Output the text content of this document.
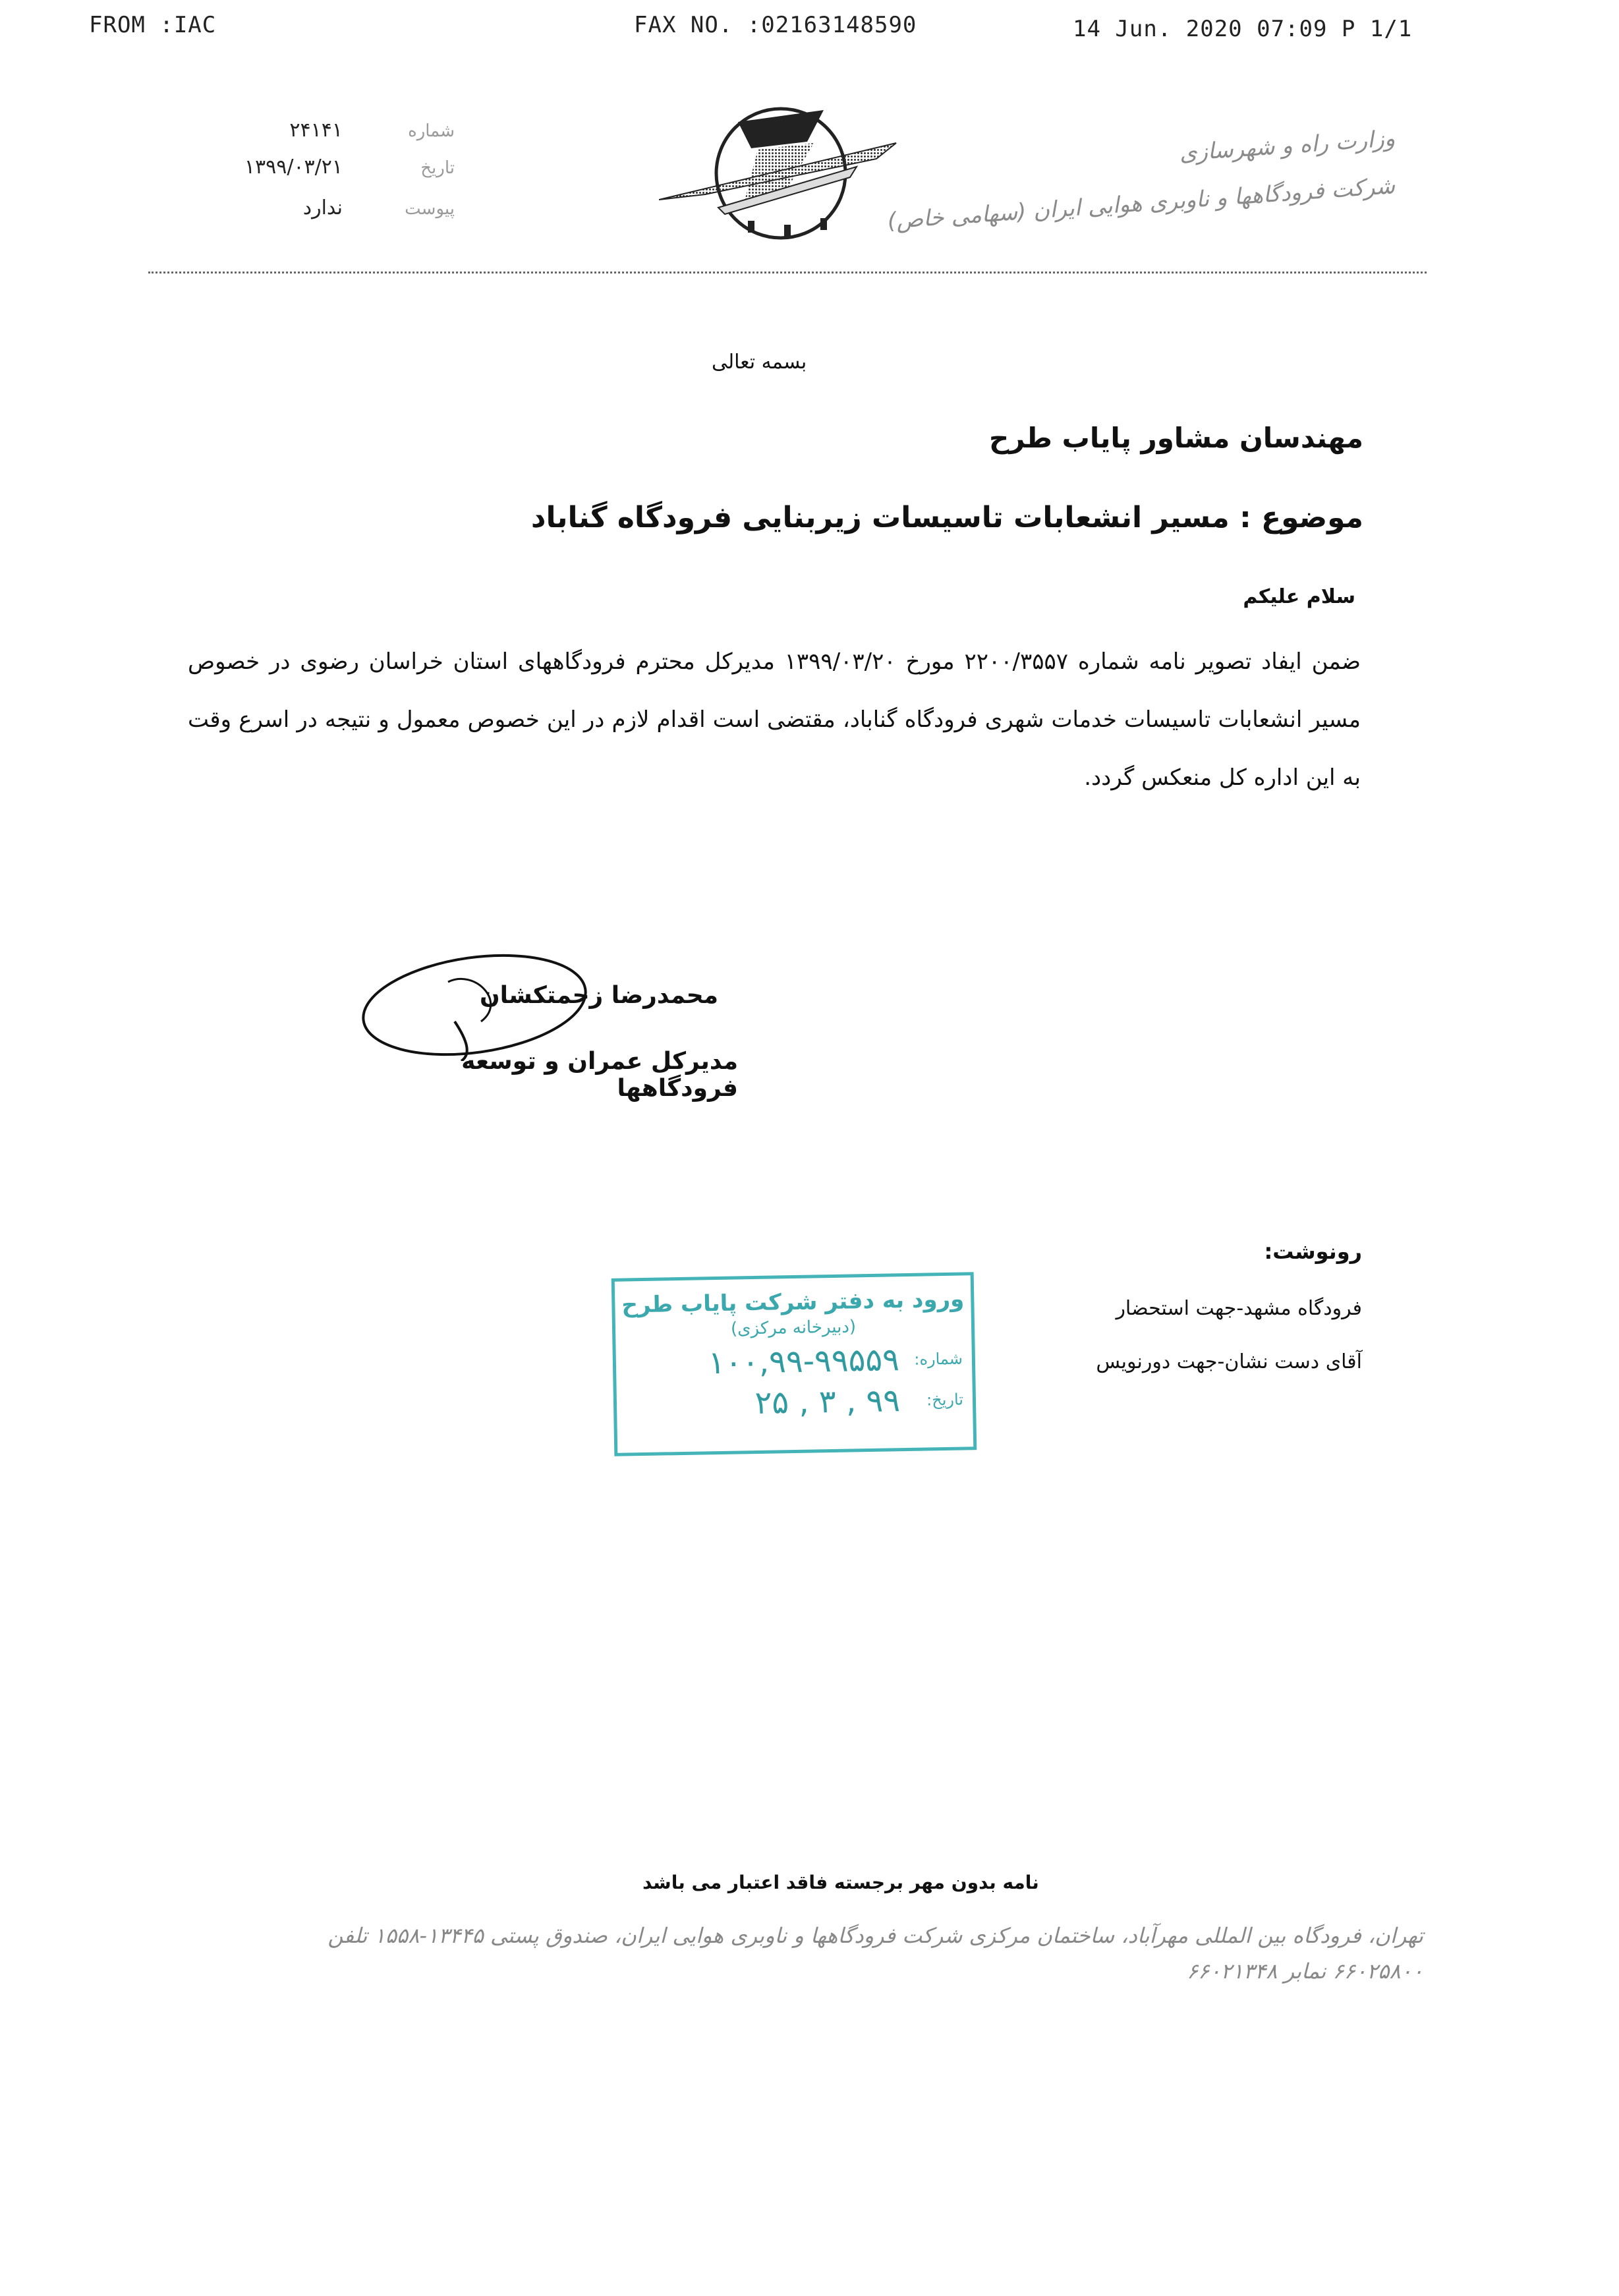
FROM :IAC	FAX NO. :02163148590	14 Jun. 2020 07:09 P 1/1
۲۴۱۴۱	شماره
۱۳۹۹/۰۳/۲۱	تاریخ
ندارد	پیوست
وزارت راه و شهرسازی
شرکت فرودگاهها و ناوبری هوایی ایران (سهامی خاص)
بسمه تعالی
مهندسان مشاور پایاب طرح
موضوع : مسیر انشعابات تاسیسات زیربنایی فرودگاه گناباد
سلام علیکم
ضمن ایفاد تصویر نامه شماره ۲۲۰۰/۳۵۵۷ مورخ ۱۳۹۹/۰۳/۲۰ مدیرکل محترم فرودگاههای استان خراسان رضوی در خصوص مسیر انشعابات تاسیسات خدمات شهری فرودگاه گناباد، مقتضی است اقدام لازم در این خصوص معمول و نتیجه در اسرع وقت به این اداره کل منعکس گردد.
محمدرضا زحمتکشان
مدیرکل عمران و توسعه فرودگاهها
رونوشت:
فرودگاه مشهد-جهت استحضار
آقای دست نشان-جهت دورنویس
ورود به دفتر شرکت پایاب طرح
(دبیرخانه مرکزی)
شماره:
۱۰۰,۹۹-۹۹۵۵۹
تاریخ:
۹۹ , ۳ , ۲۵
نامه بدون مهر برجسته فاقد اعتبار می باشد
تهران، فرودگاه بین المللی مهرآباد، ساختمان مرکزی شرکت فرودگاهها و ناوبری هوایی ایران، صندوق پستی ۱۳۴۴۵-۱۵۵۸ تلفن ۶۶۰۲۵۸۰۰ نمابر ۶۶۰۲۱۳۴۸
